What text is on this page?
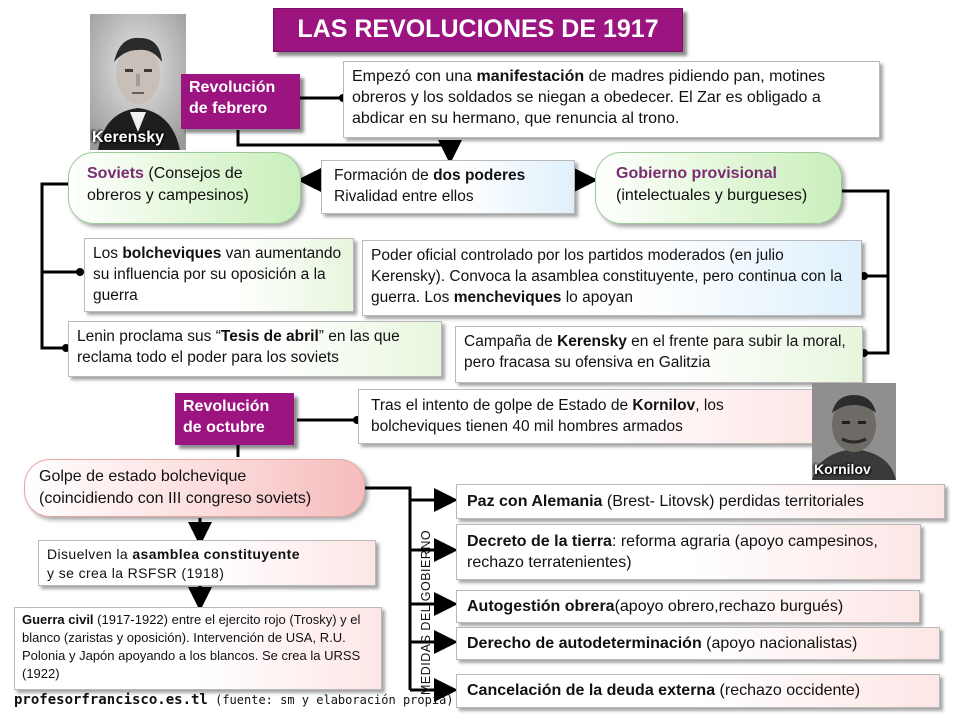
LAS REVOLUCIONES DE 1917
Kerensky
Revolución
de febrero
Empezó con una manifestación de madres pidiendo pan, motines obreros y los soldados se niegan a obedecer. El Zar es obligado a abdicar en su hermano, que renuncia al trono.
Formación de dos poderes
Rivalidad entre ellos
Soviets (Consejos de obreros y campesinos)
Gobierno provisional
(intelectuales y burgueses)
Los bolcheviques van aumentando su influencia por su oposición a la guerra
Poder oficial controlado por los partidos moderados (en julio Kerensky). Convoca la asamblea constituyente, pero continua con la guerra. Los mencheviques lo apoyan
Lenin proclama sus “Tesis de abril” en las que reclama todo el poder para los soviets
Campaña de Kerensky en el frente para subir la moral, pero fracasa su ofensiva en Galitzia
Revolución
de octubre
Tras el intento de golpe de Estado de Kornilov, los bolcheviques tienen 40 mil hombres armados
Kornilov
Golpe de estado bolchevique
(coincidiendo con III congreso soviets)
Disuelven la asamblea constituyente
y se crea la RSFSR (1918)
Guerra civil (1917-1922) entre el ejercito rojo (Trosky) y el blanco (zaristas y oposición). Intervención de USA, R.U. Polonia y Japón apoyando a los blancos. Se crea la URSS (1922)	MEDIDAS DEL GOBIERNO
Paz con Alemania (Brest- Litovsk) perdidas territoriales
Decreto de la tierra: reforma agraria (apoyo campesinos, rechazo terratenientes)
Autogestión obrera(apoyo obrero,rechazo burgués)
Derecho de autodeterminación (apoyo nacionalistas)
Cancelación de la deuda externa (rechazo occidente)
profesorfrancisco.es.tl (fuente: sm y elaboración propia)
